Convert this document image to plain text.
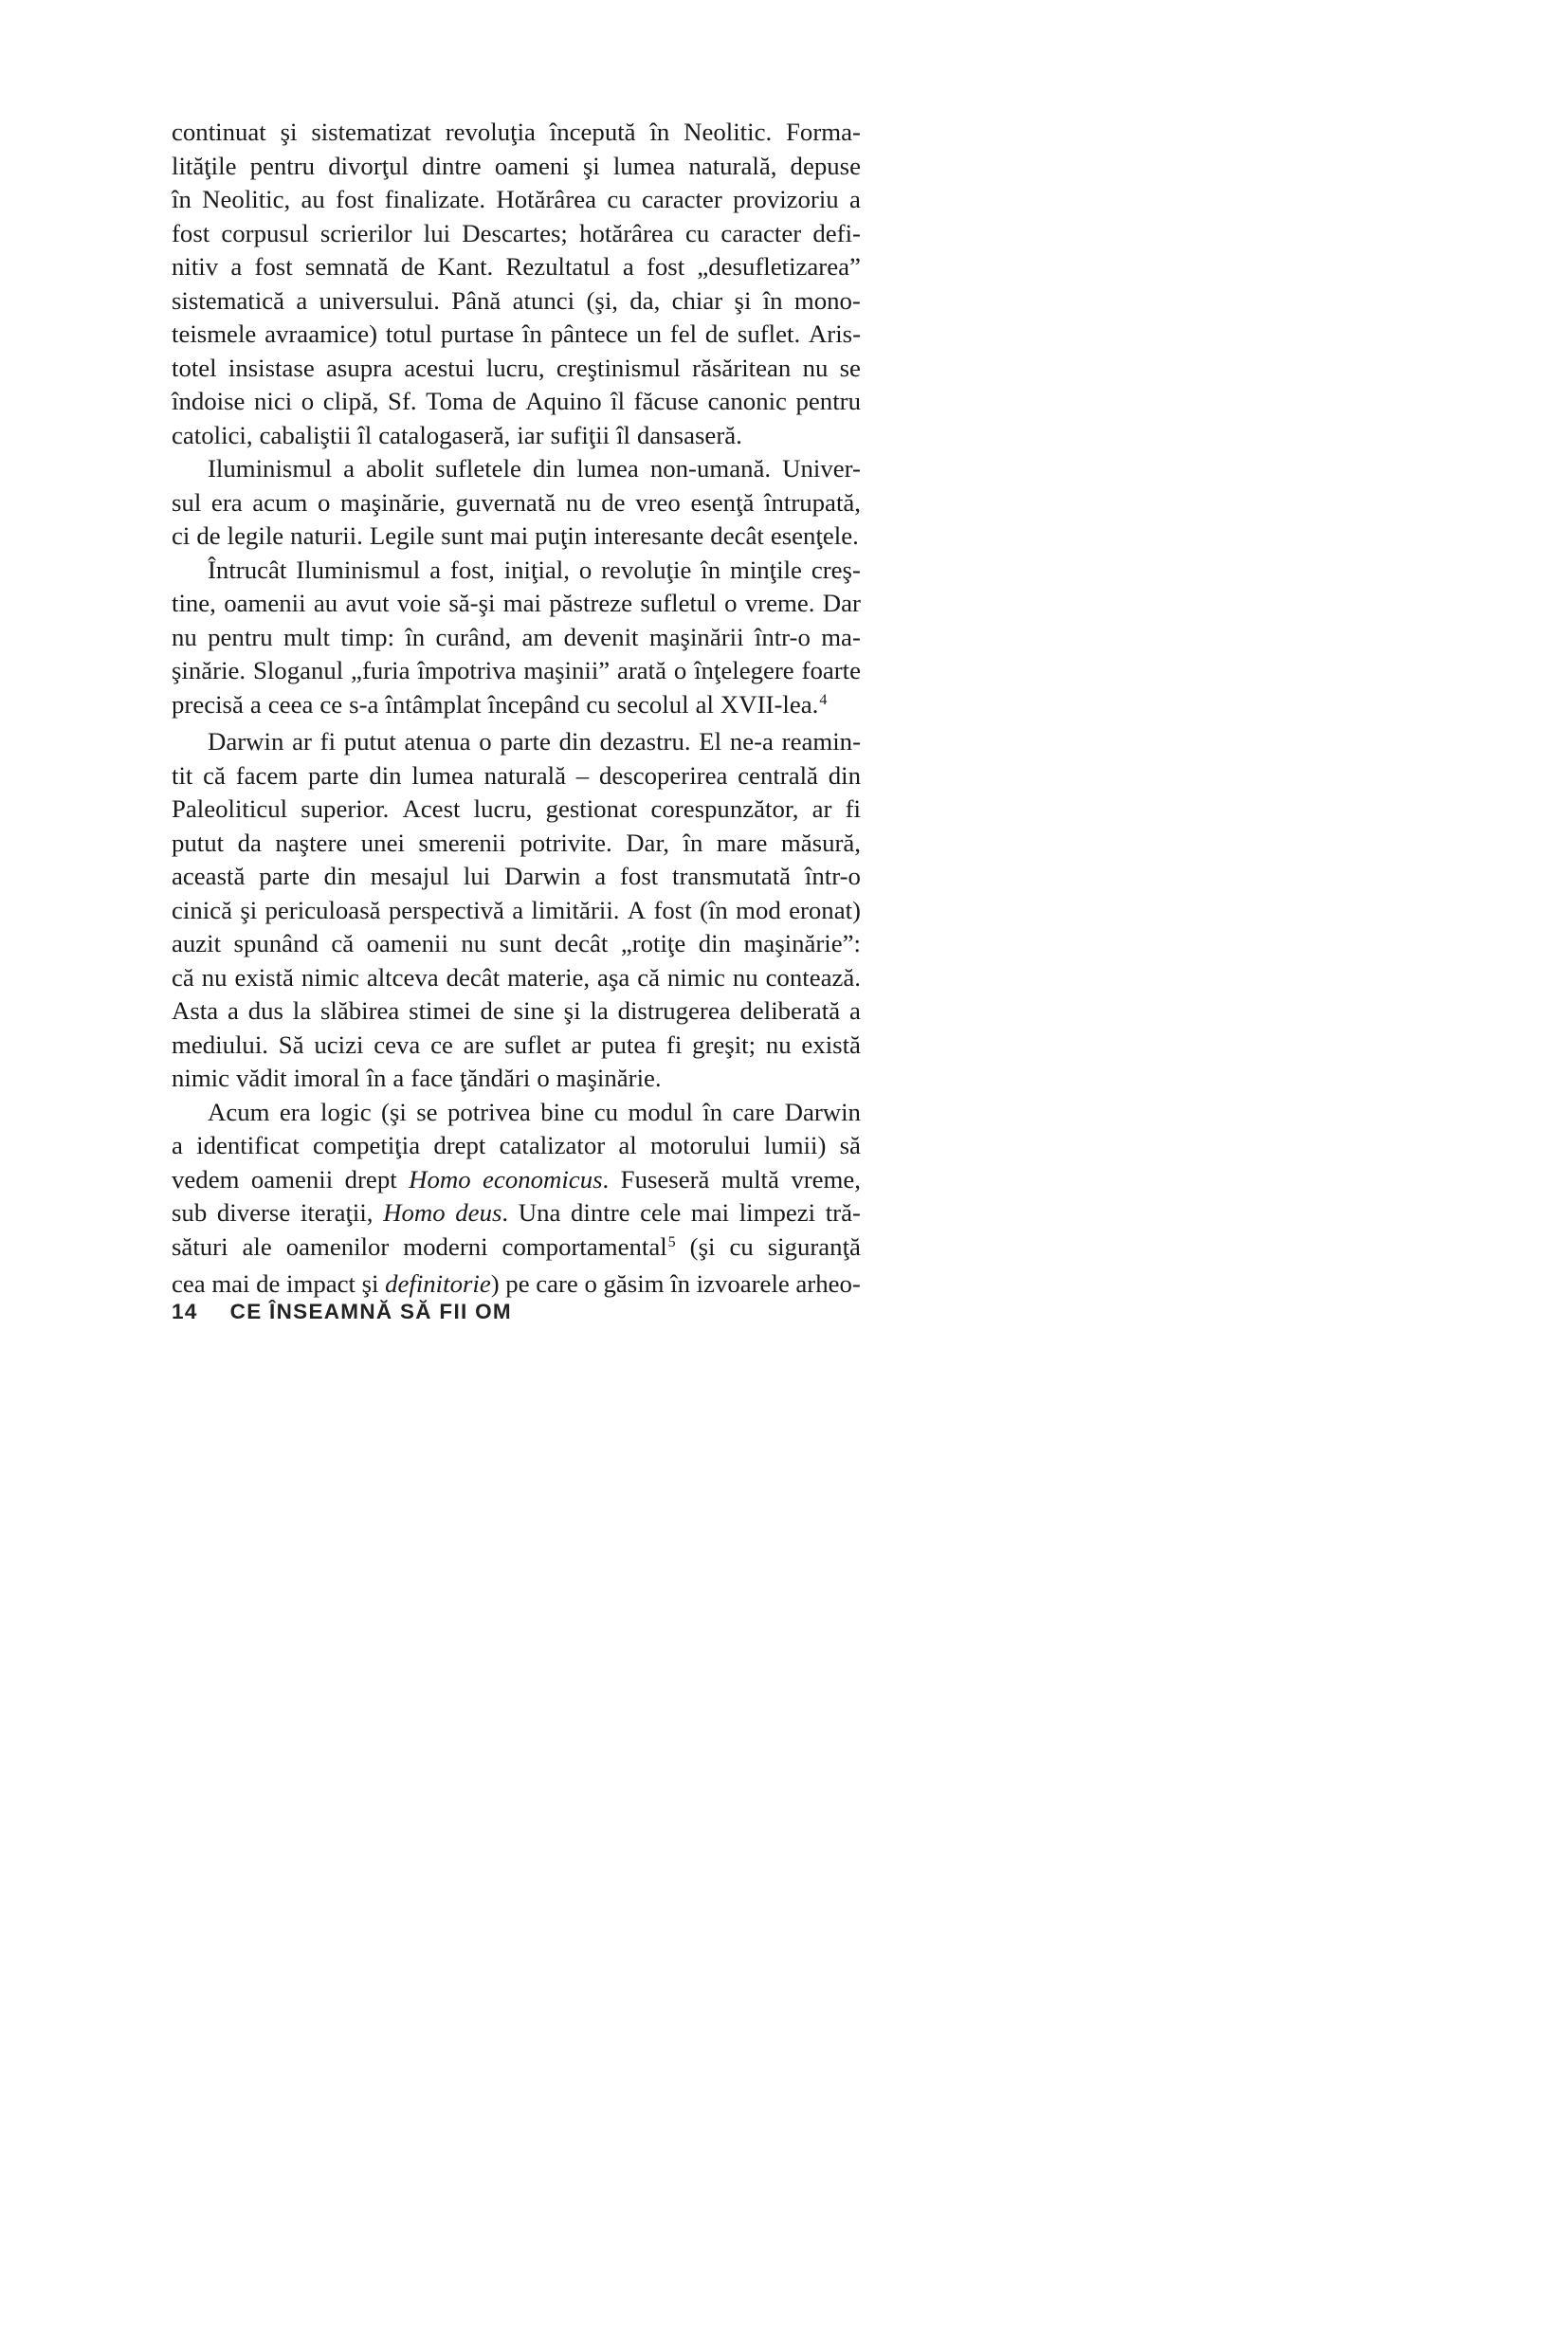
continuat şi sistematizat revoluţia începută în Neolitic. Forma-
lităţile pentru divorţul dintre oameni şi lumea naturală, depuse
în Neolitic, au fost finalizate. Hotărârea cu caracter provizoriu a
fost corpusul scrierilor lui Descartes; hotărârea cu caracter defi-
nitiv a fost semnată de Kant. Rezultatul a fost „desufletizarea”
sistematică a universului. Până atunci (şi, da, chiar şi în mono-
teismele avraamice) totul purtase în pântece un fel de suflet. Aris-
totel insistase asupra acestui lucru, creştinismul răsăritean nu se
îndoise nici o clipă, Sf. Toma de Aquino îl făcuse canonic pentru
catolici, cabaliştii îl catalogaseră, iar sufiţii îl dansaseră.
Iluminismul a abolit sufletele din lumea non-umană. Univer-
sul era acum o maşinărie, guvernată nu de vreo esenţă întrupată,
ci de legile naturii. Legile sunt mai puţin interesante decât esenţele.
Întrucât Iluminismul a fost, iniţial, o revoluţie în minţile creş-
tine, oamenii au avut voie să-şi mai păstreze sufletul o vreme. Dar
nu pentru mult timp: în curând, am devenit maşinării într-o ma-
şinărie. Sloganul „furia împotriva maşinii” arată o înţelegere foarte
precisă a ceea ce s-a întâmplat începând cu secolul al XVII-lea.$^4$
Darwin ar fi putut atenua o parte din dezastru. El ne-a reamin-
tit că facem parte din lumea naturală – descoperirea centrală din
Paleoliticul superior. Acest lucru, gestionat corespunzător, ar fi
putut da naştere unei smerenii potrivite. Dar, în mare măsură,
această parte din mesajul lui Darwin a fost transmutată într-o
cinică şi periculoasă perspectivă a limitării. A fost (în mod eronat)
auzit spunând că oamenii nu sunt decât „rotiţe din maşinărie”:
că nu există nimic altceva decât materie, aşa că nimic nu contează.
Asta a dus la slăbirea stimei de sine şi la distrugerea deliberată a
mediului. Să ucizi ceva ce are suflet ar putea fi greşit; nu există
nimic vădit imoral în a face ţăndări o maşinărie.
Acum era logic (şi se potrivea bine cu modul în care Darwin
a identificat competiţia drept catalizator al motorului lumii) să
vedem oamenii drept Homo economicus. Fuseseră multă vreme,
sub diverse iteraţii, Homo deus. Una dintre cele mai limpezi tră-
sături ale oamenilor moderni comportamental$^5$ (şi cu siguranţă
cea mai de impact şi definitorie) pe care o găsim în izvoarele arheo-
14 CE ÎNSEAMNĂ SĂ FII OM
